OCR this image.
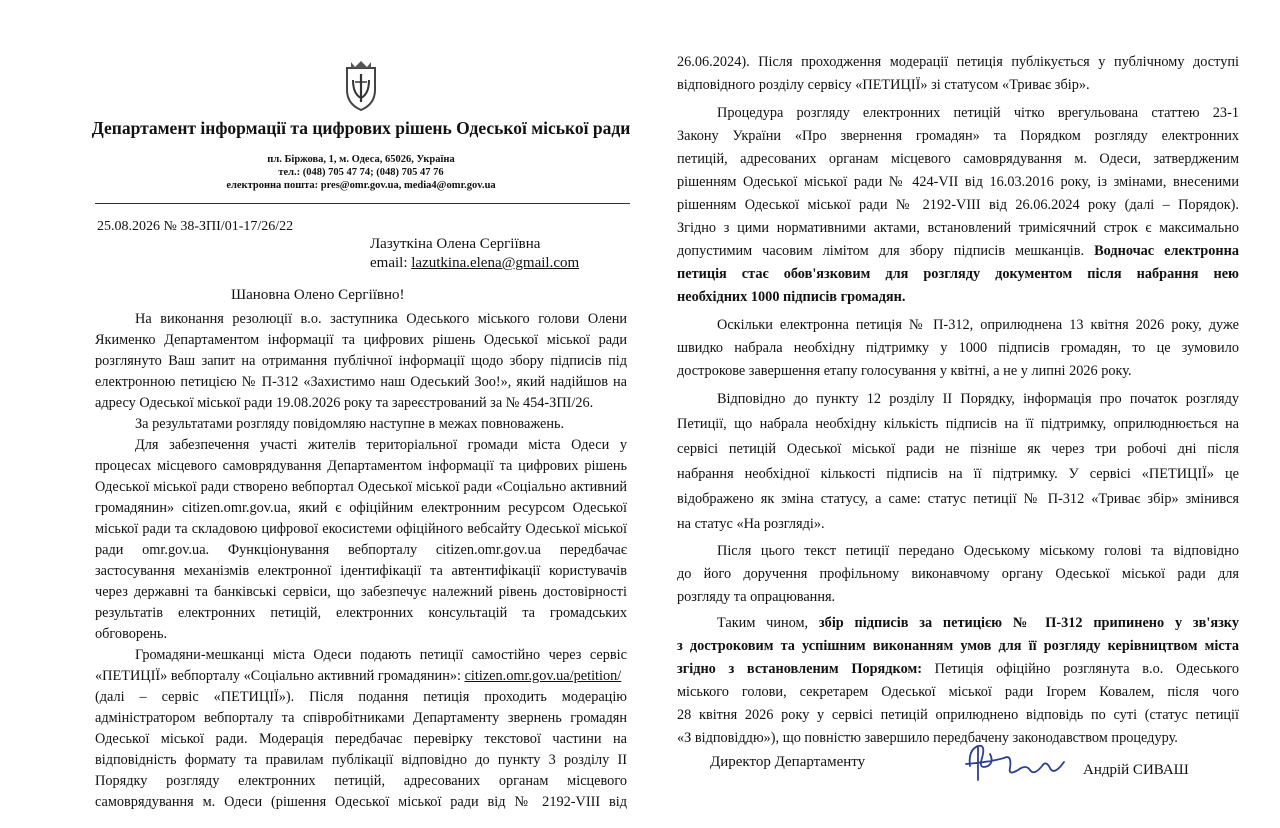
Департамент інформації та цифрових рішень Одеської міської ради
пл. Біржова, 1, м. Одеса, 65026, Україна
тел.: (048) 705 47 74; (048) 705 47 76
електронна пошта: pres@omr.gov.ua, media4@omr.gov.ua
25.08.2026 № 38-ЗПІ/01-17/26/22
Лазуткіна Олена Сергіївна
email: lazutkina.elena@gmail.com
Шановна Олено Сергіївно!
На виконання резолюції в.о. заступника Одеського міського голови Олени
Якименко Департаментом інформації та цифрових рішень Одеської міської ради
розглянуто Ваш запит на отримання публічної інформації щодо збору підписів під
електронною петицією № П-312 «Захистимо наш Одеський Зоо!», який надійшов на
адресу Одеської міської ради 19.08.2026 року та зареєстрований за № 454-ЗПІ/26.
За результатами розгляду повідомляю наступне в межах повноважень.
Для забезпечення участі жителів територіальної громади міста Одеси у
процесах місцевого самоврядування Департаментом інформації та цифрових рішень
Одеської міської ради створено вебпортал Одеської міської ради «Соціально активний
громадянин» citizen.omr.gov.ua, який є офіційним електронним ресурсом Одеської
міської ради та складовою цифрової екосистеми офіційного вебсайту Одеської міської
ради omr.gov.ua. Функціонування вебпорталу citizen.omr.gov.ua передбачає
застосування механізмів електронної ідентифікації та автентифікації користувачів
через державні та банківські сервіси, що забезпечує належний рівень достовірності
результатів електронних петицій, електронних консультацій та громадських
обговорень.
Громадяни-мешканці міста Одеси подають петиції самостійно через сервіс
«ПЕТИЦІЇ» вебпорталу «Соціально активний громадянин»: citizen.omr.gov.ua/petition/
(далі – сервіс «ПЕТИЦІЇ»). Після подання петиція проходить модерацію
адміністратором вебпорталу та співробітниками Департаменту звернень громадян
Одеської міської ради. Модерація передбачає перевірку текстової частини на
відповідність формату та правилам публікації відповідно до пункту 3 розділу ІІ
Порядку розгляду електронних петицій, адресованих органам місцевого
самоврядування м. Одеси (рішення Одеської міської ради від № 2192-VIII від
26.06.2024). Після проходження модерації петиція публікується у публічному доступі
відповідного розділу сервісу «ПЕТИЦІЇ» зі статусом «Триває збір».
Процедура розгляду електронних петицій чітко врегульована статтею 23-1
Закону України «Про звернення громадян» та Порядком розгляду електронних
петицій, адресованих органам місцевого самоврядування м. Одеси, затвердженим
рішенням Одеської міської ради № 424-VII від 16.03.2016 року, із змінами, внесеними
рішенням Одеської міської ради № 2192-VIII від 26.06.2024 року (далі – Порядок).
Згідно з цими нормативними актами, встановлений тримісячний строк є максимально
допустимим часовим лімітом для збору підписів мешканців. Водночас електронна
петиція стає обов'язковим для розгляду документом після набрання нею
необхідних 1000 підписів громадян.
Оскільки електронна петиція № П-312, оприлюднена 13 квітня 2026 року, дуже
швидко набрала необхідну підтримку у 1000 підписів громадян, то це зумовило
дострокове завершення етапу голосування у квітні, а не у липні 2026 року.
Відповідно до пункту 12 розділу ІІ Порядку, інформація про початок розгляду
Петиції, що набрала необхідну кількість підписів на її підтримку, оприлюднюється на
сервісі петицій Одеської міської ради не пізніше як через три робочі дні після
набрання необхідної кількості підписів на її підтримку. У сервісі «ПЕТИЦІЇ» це
відображено як зміна статусу, а саме: статус петиції № П-312 «Триває збір» змінився
на статус «На розгляді».
Після цього текст петиції передано Одеському міському голові та відповідно
до його доручення профільному виконавчому органу Одеської міської ради для
розгляду та опрацювання.
Таким чином, збір підписів за петицією № П-312 припинено у зв'язку
з достроковим та успішним виконанням умов для її розгляду керівництвом міста
згідно з встановленим Порядком: Петиція офіційно розглянута в.о. Одеського
міського голови, секретарем Одеської міської ради Ігорем Ковалем, після чого
28 квітня 2026 року у сервісі петицій оприлюднено відповідь по суті (статус петиції
«З відповіддю»), що повністю завершило передбачену законодавством процедуру.
Директор Департаменту	Андрій СИВАШ
